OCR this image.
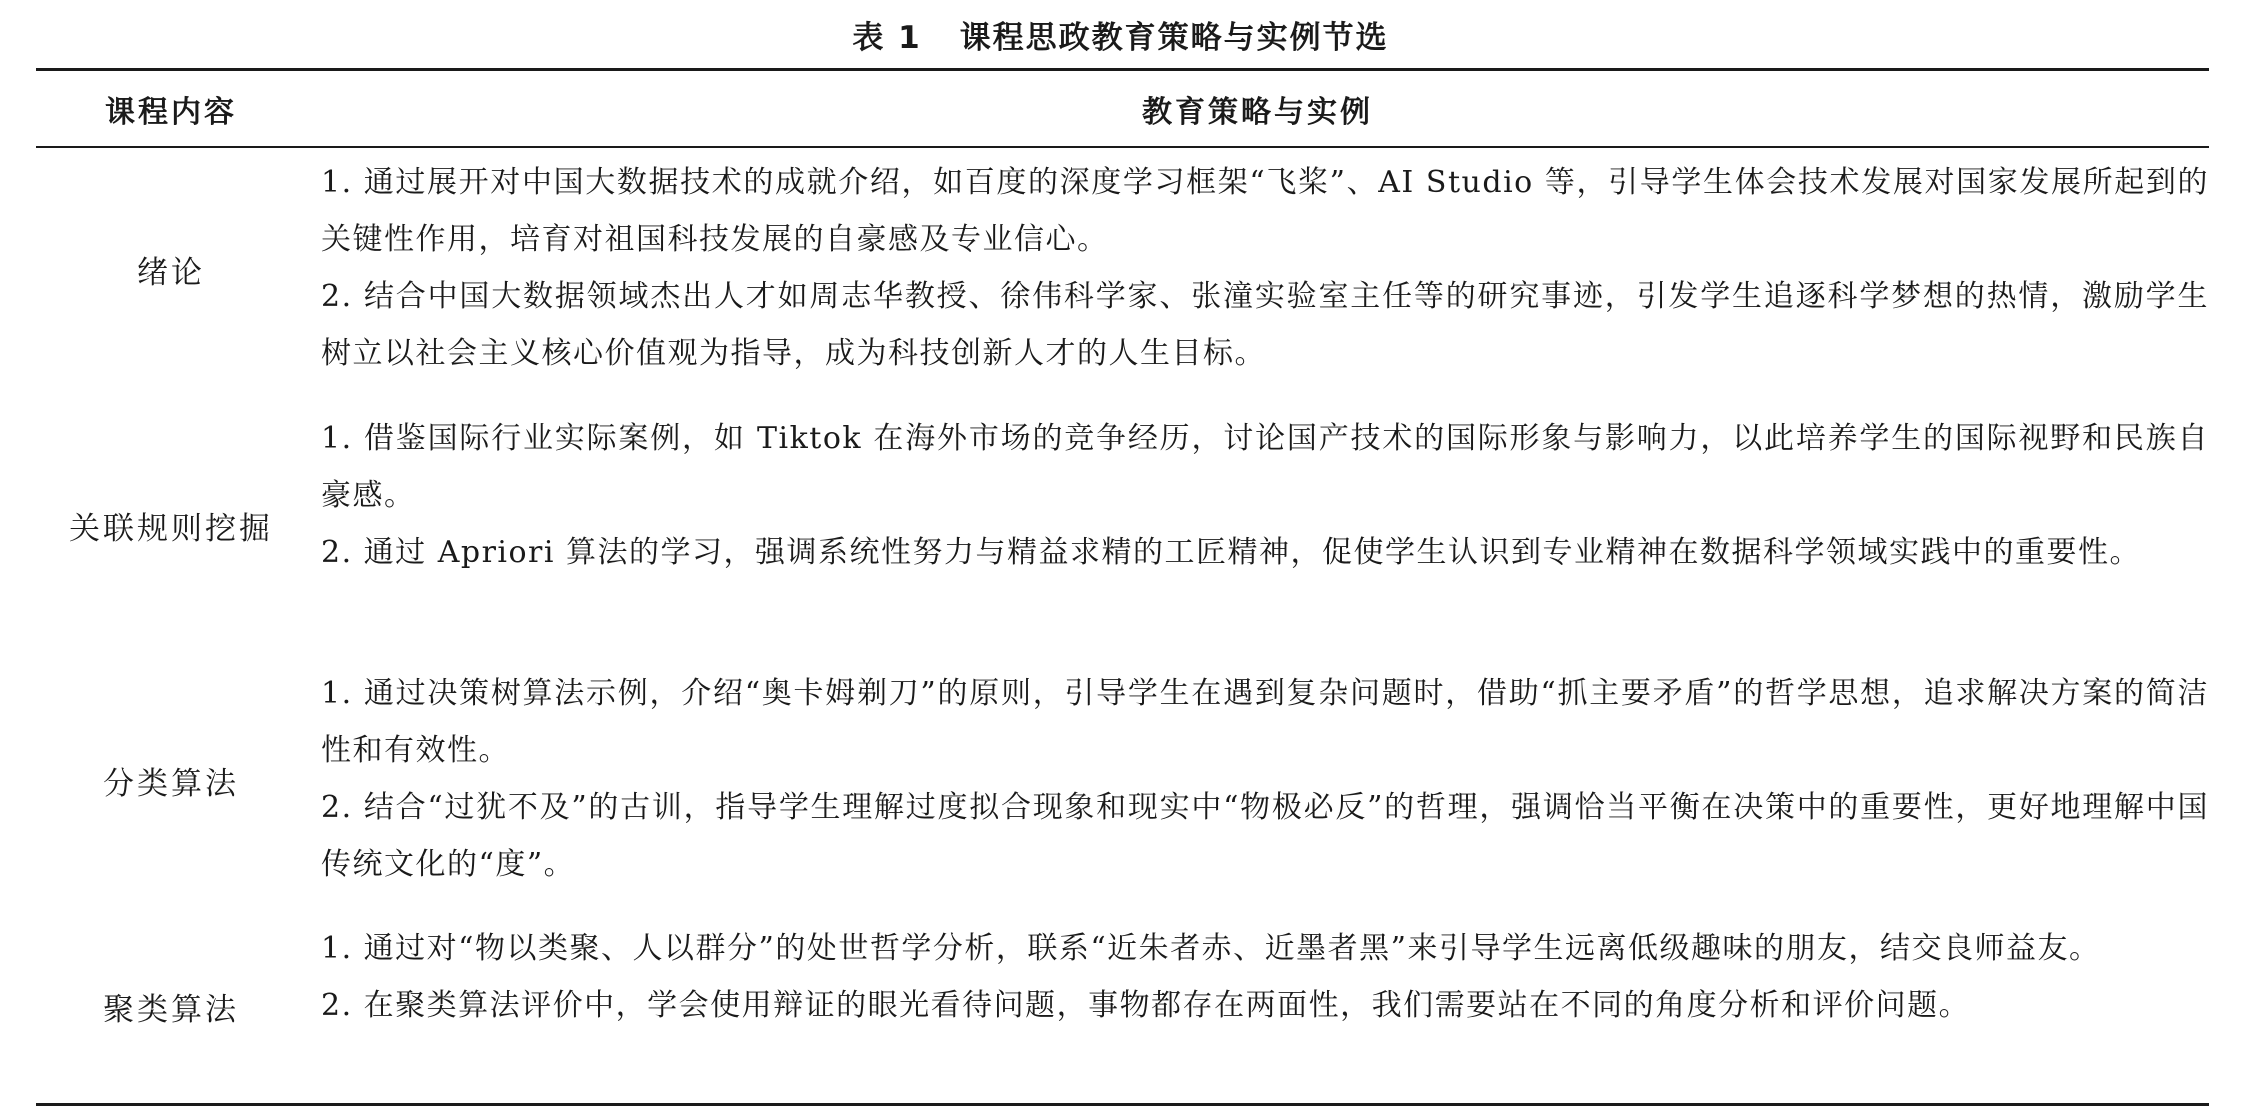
表 1 课程思政教育策略与实例节选
课程内容	教育策略与实例
绪论

1. 通过展开对中国大数据技术的成就介绍，如百度的深度学习框架“飞桨”、AI Studio 等，引导学生体会技术发展对国家发展所起到的关键性作用，培育对祖国科技发展的自豪感及专业信心。

2. 结合中国大数据领域杰出人才如周志华教授、徐伟科学家、张潼实验室主任等的研究事迹，引发学生追逐科学梦想的热情，激励学生树立以社会主义核心价值观为指导，成为科技创新人才的人生目标。

关联规则挖掘

1. 借鉴国际行业实际案例，如 Tiktok 在海外市场的竞争经历，讨论国产技术的国际形象与影响力，以此培养学生的国际视野和民族自豪感。

2. 通过 Apriori 算法的学习，强调系统性努力与精益求精的工匠精神，促使学生认识到专业精神在数据科学领域实践中的重要性。

分类算法

1. 通过决策树算法示例，介绍“奥卡姆剃刀”的原则，引导学生在遇到复杂问题时，借助“抓主要矛盾”的哲学思想，追求解决方案的简洁性和有效性。

2. 结合“过犹不及”的古训，指导学生理解过度拟合现象和现实中“物极必反”的哲理，强调恰当平衡在决策中的重要性，更好地理解中国传统文化的“度”。

聚类算法

1. 通过对“物以类聚、人以群分”的处世哲学分析，联系“近朱者赤、近墨者黑”来引导学生远离低级趣味的朋友，结交良师益友。

2. 在聚类算法评价中，学会使用辩证的眼光看待问题，事物都存在两面性，我们需要站在不同的角度分析和评价问题。
